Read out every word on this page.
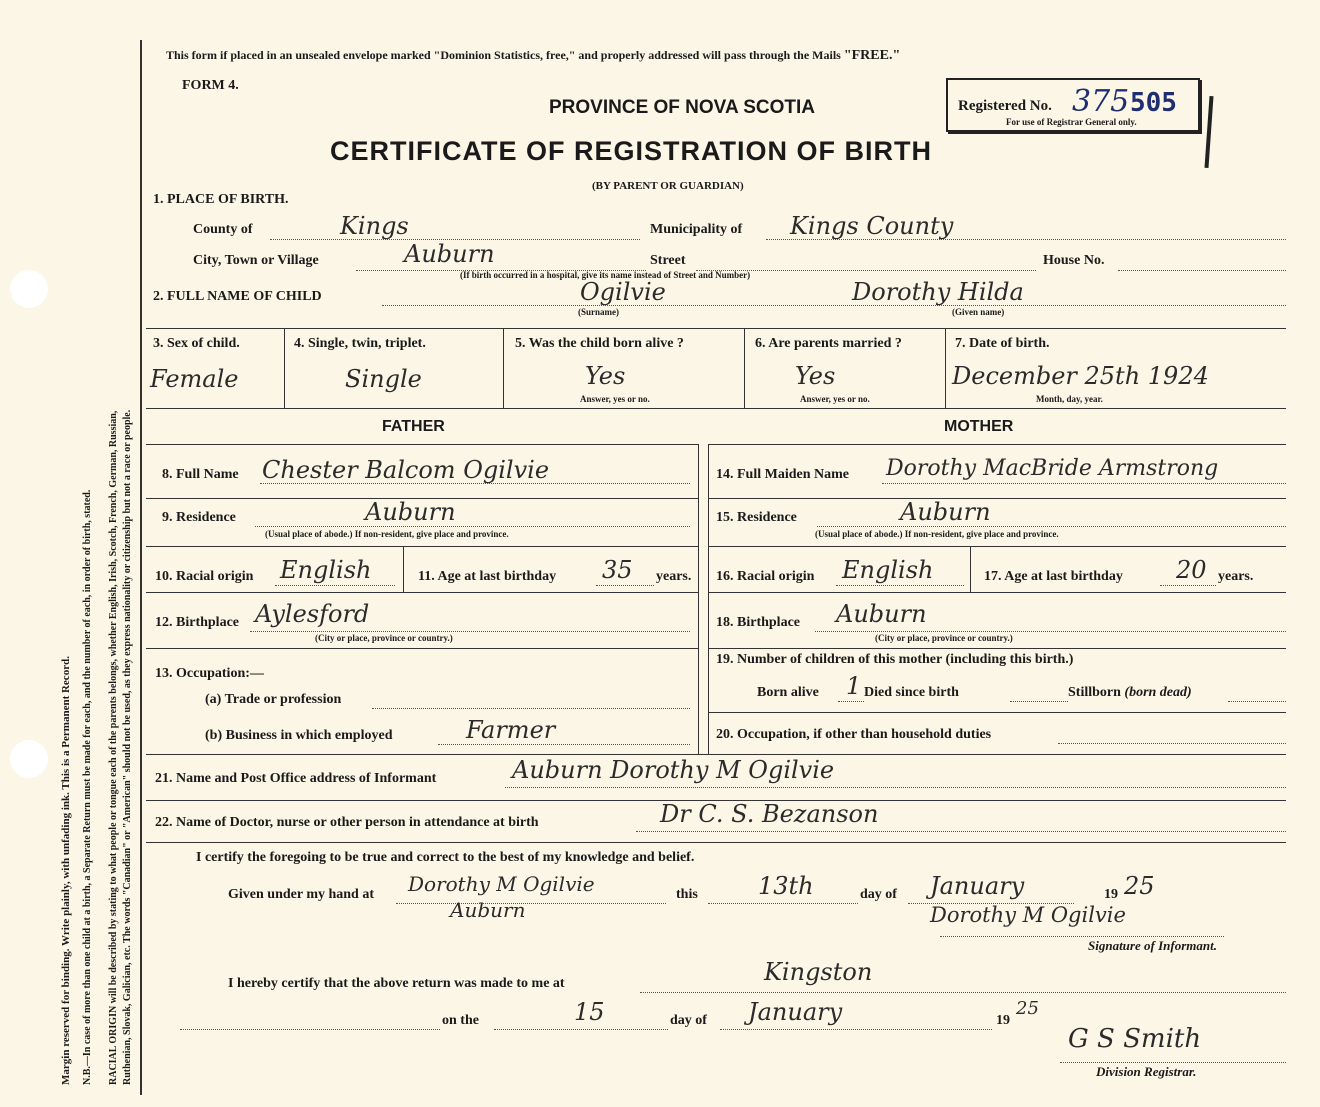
Margin reserved for binding. Write plainly, with unfading ink. This is a Permanent Record. N.B.—In case of more than one child at a birth, a Separate Return must be made for each, and the number of each, in order of birth, stated. RACIAL ORIGIN will be described by stating to what people or tongue each of the parents belongs, whether English, Irish, Scotch, French, German, Russian, Ruthenian, Slovak, Galician, etc. The words "Canadian" or "American" should not be used, as they express nationality or citizenship but not a race or people.
This form if placed in an unsealed envelope marked "Dominion Statistics, free," and properly addressed will pass through the Mails "FREE."
FORM 4.
PROVINCE OF NOVA SCOTIA
CERTIFICATE OF REGISTRATION OF BIRTH
(BY PARENT OR GUARDIAN)
Registered No. 375 505
For use of Registrar General only.
1. PLACE OF BIRTH.
County of	Kings	Municipality of Kings County
City, Town or Village	Auburn	Street	House No.
(If birth occurred in a hospital, give its name instead of Street and Number)
2. FULL NAME OF CHILD	Ogilvie
(Surname)
Dorothy Hilda
(Given name)
3. Sex of child.
Female
4. Single, twin, triplet.
Single
5. Was the child born alive ?
Yes
Answer, yes or no.
6. Are parents married ?
Yes
Answer, yes or no.
7. Date of birth.
December 25th 1924
Month, day, year.
FATHER	MOTHER
8. Full Name Chester Balcom Ogilvie
9. Residence	Auburn
(Usual place of abode.) If non-resident, give place and province.
10. Racial origin English	11. Age at last birthday 35 years.
12. Birthplace Aylesford
(City or place, province or country.)
13. Occupation:—
(a) Trade or profession
(b) Business in which employed	Farmer
14. Full Maiden Name Dorothy MacBride Armstrong
15. Residence	Auburn
(Usual place of abode.) If non-resident, give place and province.
16. Racial origin English	17. Age at last birthday 20 years.
18. Birthplace Auburn
(City or place, province or country.)
19. Number of children of this mother (including this birth.)
Born alive 1 Died since birth	Stillborn (born dead)
20. Occupation, if other than household duties
21. Name and Post Office address of Informant	Auburn Dorothy M Ogilvie
22. Name of Doctor, nurse or other person in attendance at birth	Dr C. S. Bezanson
I certify the foregoing to be true and correct to the best of my knowledge and belief.
Given under my hand at Dorothy M Ogilvie
Auburn
this	13th	day of January	19 25
Dorothy M Ogilvie
Signature of Informant.
I hereby certify that the above return was made to me at	Kingston
on the	15	day of January	19
25
G S Smith
Division Registrar.
